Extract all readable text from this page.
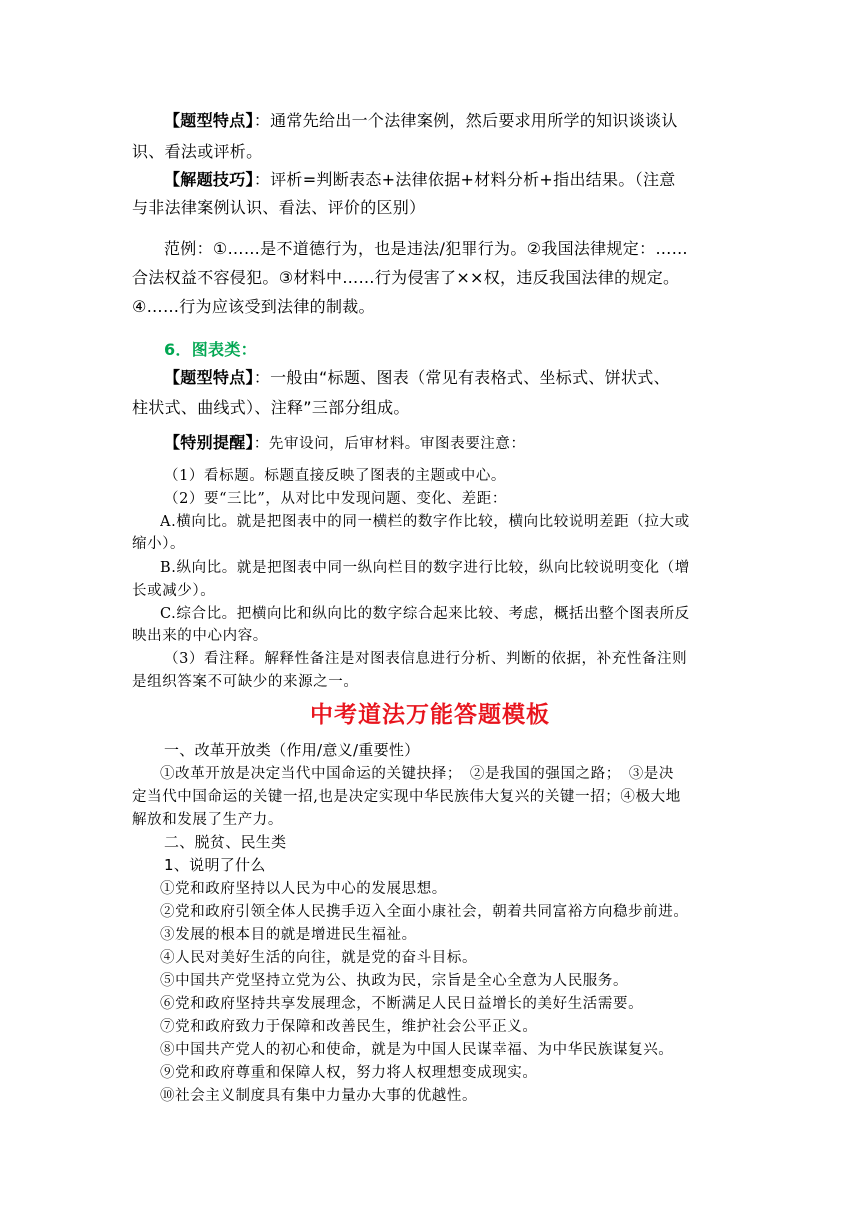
【题型特点】：通常先给出一个法律案例，然后要求用所学的知识谈谈认
识、看法或评析。
【解题技巧】：评析=判断表态+法律依据+材料分析+指出结果。（注意
与非法律案例认识、看法、评价的区别）
范例：①……是不道德行为，也是违法/犯罪行为。②我国法律规定：……
合法权益不容侵犯。③材料中……行为侵害了××权，违反我国法律的规定。
④……行为应该受到法律的制裁。
6．图表类：
【题型特点】：一般由“标题、图表（常见有表格式、坐标式、饼状式、
柱状式、曲线式）、注释”三部分组成。
【特别提醒】：先审设问，后审材料。审图表要注意：
（1）看标题。标题直接反映了图表的主题或中心。
（2）要“三比”，从对比中发现问题、变化、差距：
A.横向比。就是把图表中的同一横栏的数字作比较，横向比较说明差距（拉大或
缩小）。
B.纵向比。就是把图表中同一纵向栏目的数字进行比较，纵向比较说明变化（增
长或减少）。
C.综合比。把横向比和纵向比的数字综合起来比较、考虑，概括出整个图表所反
映出来的中心内容。
（3）看注释。解释性备注是对图表信息进行分析、判断的依据，补充性备注则
是组织答案不可缺少的来源之一。
中考道法万能答题模板
一、改革开放类（作用/意义/重要性）
①改革开放是决定当代中国命运的关键抉择；　②是我国的强国之路；　③是决
定当代中国命运的关键一招,也是决定实现中华民族伟大复兴的关键一招；④极大地
解放和发展了生产力。
二、脱贫、民生类
1、说明了什么
①党和政府坚持以人民为中心的发展思想。
②党和政府引领全体人民携手迈入全面小康社会，朝着共同富裕方向稳步前进。
③发展的根本目的就是增进民生福祉。
④人民对美好生活的向往，就是党的奋斗目标。
⑤中国共产党坚持立党为公、执政为民，宗旨是全心全意为人民服务。
⑥党和政府坚持共享发展理念，不断满足人民日益增长的美好生活需要。
⑦党和政府致力于保障和改善民生，维护社会公平正义。
⑧中国共产党人的初心和使命，就是为中国人民谋幸福、为中华民族谋复兴。
⑨党和政府尊重和保障人权，努力将人权理想变成现实。
⑩社会主义制度具有集中力量办大事的优越性。
